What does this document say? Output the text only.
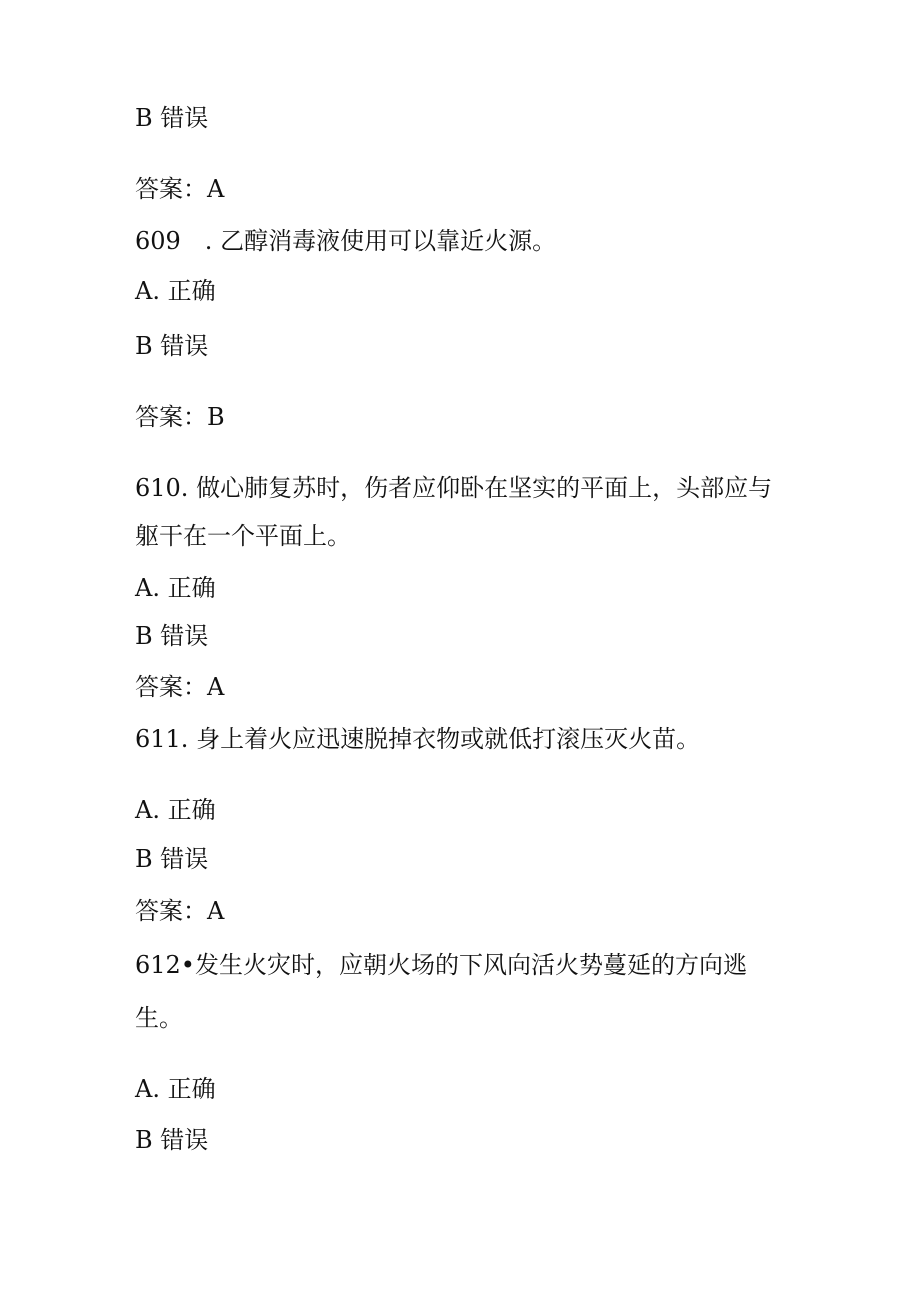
B 错误

答案：A

609　. 乙醇消毒液使用可以靠近火源。

A. 正确

B 错误

答案：B

610. 做心肺复苏时，伤者应仰卧在坚实的平面上，头部应与

躯干在一个平面上。

A. 正确

B 错误

答案：A

611. 身上着火应迅速脱掉衣物或就低打滚压灭火苗。

A. 正确

B 错误

答案：A

612•发生火灾时，应朝火场的下风向活火势蔓延的方向逃

生。

A. 正确

B 错误
